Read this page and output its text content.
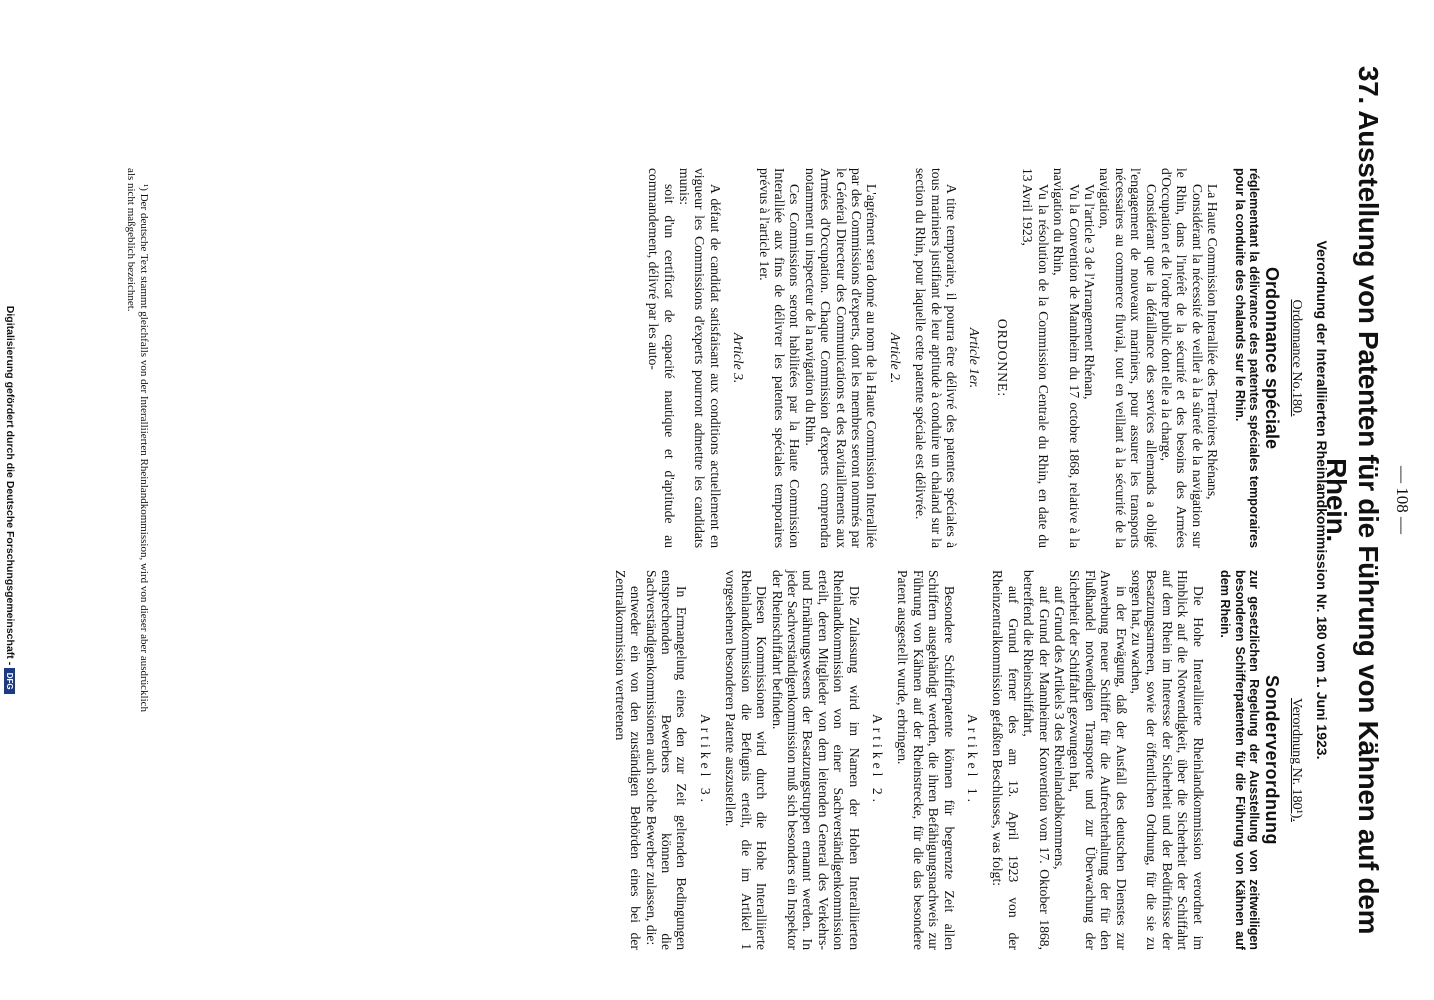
— 108 —
37. Ausstellung von Patenten für die Führung von Kähnen auf dem Rhein.
Verordnung der Interalliierten Rheinlandkommission Nr. 180 vom 1. Juni 1923.
Ordonnance No.180.
Ordonnance spéciale
réglementant la délivrance des patentes spéciales temporaires pour la conduite des chalands sur le Rhin.

La Haute Commission Interalliée des Territoires Rhénans,

Considérant la nécessité de veiller à la sûreté de la navigation sur le Rhin, dans l'intérêt de la sécurité et des besoins des Armées d'Occupation et de l'ordre public dont elle a la charge,

Considérant que la défaillance des services allemands a obligé l'engagement de nouveaux mariniers, pour assurer les transports nécessaires au commerce fluvial, tout en veillant à la sécurité de la navigation,

Vu l'article 3 de l'Arrangement Rhénan,

Vu la Convention de Mannheim du 17 octobre 1868, relative à la navigation du Rhin,

Vu la résolution de la Commission Centrale du Rhin, en date du 13 Avril 1923,

ORDONNE:
Article 1er.

A titre temporaire, il pourra être délivré des patentes spéciales à tous mariniers justifiant de leur aptitude à conduire un chaland sur la section du Rhin, pour laquelle cette patente spéciale est délivrée.

Article 2.

L'agrément sera donné au nom de la Haute Commission Interalliée par des Commissions d'experts, dont les membres seront nommés par le Général Directeur des Communications et des Ravitaillements aux Armées d'Occupation. Chaque Commission d'experts comprendra notamment un inspecteur de la navigation du Rhin.

Ces Commissions seront habilitées par la Haute Commission Interalliée aux fins de délivrer les patentes spéciales temporaires prévus à l'article 1er.

Article 3.

A défaut de candidat satisfaisant aux conditions actuellement en vigueur les Commissions d'experts pourront admettre les candidats munis:

soit d'un certificat de capacité nautique et d'aptitude au commandement, délivré par les auto-

Verordnung Nr. 180¹).
Sonderverordnung
zur gesetzlichen Regelung der Ausstellung von zeitweiligen besonderen Schifferpatenten für die Führung von Kähnen auf dem Rhein.

Die Hohe Interalliierte Rheinlandkommission verordnet im Hinblick auf die Notwendigkeit, über die Sicherheit der Schiffahrt auf dem Rhein im Interesse der Sicherheit und der Bedürfnisse der Besatzungsarmeen, sowie der öffentlichen Ordnung, für die sie zu sorgen hat, zu wachen,

in der Erwägung, daß der Ausfall des deutschen Dienstes zur Anwerbung neuer Schiffer für die Aufrechterhaltung der für den Flußhandel notwendigen Transporte und zur Überwachung der Sicherheit der Schiffahrt gezwungen hat,

auf Grund des Artikels 3 des Rheinlandabkommens,

auf Grund der Mannheimer Konvention vom 17. Oktober 1868, betreffend die Rheinschiffahrt,

auf Grund ferner des am 13. April 1923 von der Rheinzentralkommission gefaßten Beschlusses, was folgt:

Artikel 1.

Besondere Schifferpatente können für begrenzte Zeit allen Schiffern ausgehändigt werden, die ihren Befähigungsnachweis zur Führung von Kähnen auf der Rheinstrecke, für die das besondere Patent ausgestellt wurde, erbringen.

Artikel 2.

Die Zulassung wird im Namen der Hohen Interalliierten Rheinlandkommission von einer Sachverständigenkommission erteilt, deren Mitglieder von dem leitenden General des Verkehrs- und Ernährungswesens der Besatzungstruppen ernannt werden. In jeder Sachverständigenkommission muß sich besonders ein Inspektor der Rheinschiffahrt befinden.

Diesen Kommissionen wird durch die Hohe Interalliierte Rheinlandkommission die Befugnis erteilt, die im Artikel 1 vorgesehenen besonderen Patente auszustellen.

Artikel 3.

In Ermangelung eines den zur Zeit geltenden Bedingungen entsprechenden Bewerbers können die Sachverständigenkommissionen auch solche Bewerber zulassen, die:

entweder ein von den zuständigen Behörden eines bei der Zentralkommission vertretenen

¹) Der deutsche Text stammt gleichfalls von der Interalliierten Rheinlandkommission, wird von dieser aber ausdrücklich

als nicht maßgeblich bezeichnet.

Digitalisierung gefördert durch die Deutsche Forschungsgemeinschaft -DFG
